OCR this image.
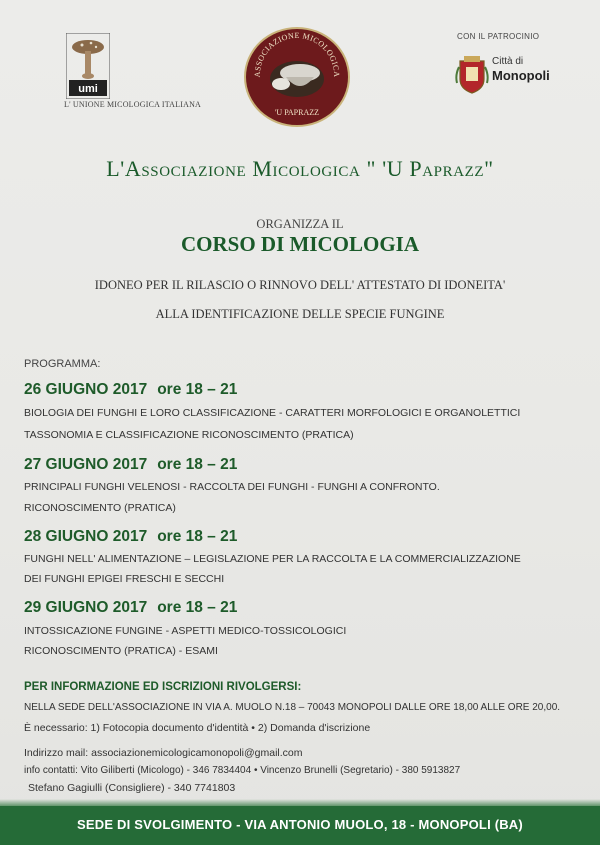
umi
L' UNIONE MICOLOGICA ITALIANA
ASSOCIAZIONE MICOLOGICA
'U PAPRAZZ
CON IL PATROCINIO
Città di
Monopoli
L'Associazione Micologica " 'U Paprazz"
ORGANIZZA IL
CORSO DI MICOLOGIA
IDONEO PER IL RILASCIO O RINNOVO DELL' ATTESTATO DI IDONEITA'
ALLA IDENTIFICAZIONE DELLE SPECIE FUNGINE
PROGRAMMA:
26 GIUGNO 2017 ore 18 – 21
BIOLOGIA DEI FUNGHI E LORO CLASSIFICAZIONE - CARATTERI MORFOLOGICI E ORGANOLETTICI
TASSONOMIA E CLASSIFICAZIONE RICONOSCIMENTO (PRATICA)
27 GIUGNO 2017 ore 18 – 21
PRINCIPALI FUNGHI VELENOSI - RACCOLTA DEI FUNGHI - FUNGHI A CONFRONTO.
RICONOSCIMENTO (PRATICA)
28 GIUGNO 2017 ore 18 – 21
FUNGHI NELL' ALIMENTAZIONE – LEGISLAZIONE PER LA RACCOLTA E LA COMMERCIALIZZAZIONE
DEI FUNGHI EPIGEI FRESCHI E SECCHI
29 GIUGNO 2017 ore 18 – 21
INTOSSICAZIONE FUNGINE - ASPETTI MEDICO-TOSSICOLOGICI
RICONOSCIMENTO (PRATICA) - ESAMI
PER INFORMAZIONE ED ISCRIZIONI RIVOLGERSI:
NELLA SEDE DELL'ASSOCIAZIONE IN VIA A. MUOLO N.18 – 70043 MONOPOLI DALLE ORE 18,00 ALLE ORE 20,00.
È necessario: 1) Fotocopia documento d'identità • 2) Domanda d'iscrizione
Indirizzo mail: associazionemicologicamonopoli@gmail.com
info contatti: Vito Giliberti (Micologo) - 346 7834404 • Vincenzo Brunelli (Segretario) - 380 5913827
Stefano Gagiulli (Consigliere) - 340 7741803
SEDE DI SVOLGIMENTO - VIA ANTONIO MUOLO, 18 - MONOPOLI (BA)
